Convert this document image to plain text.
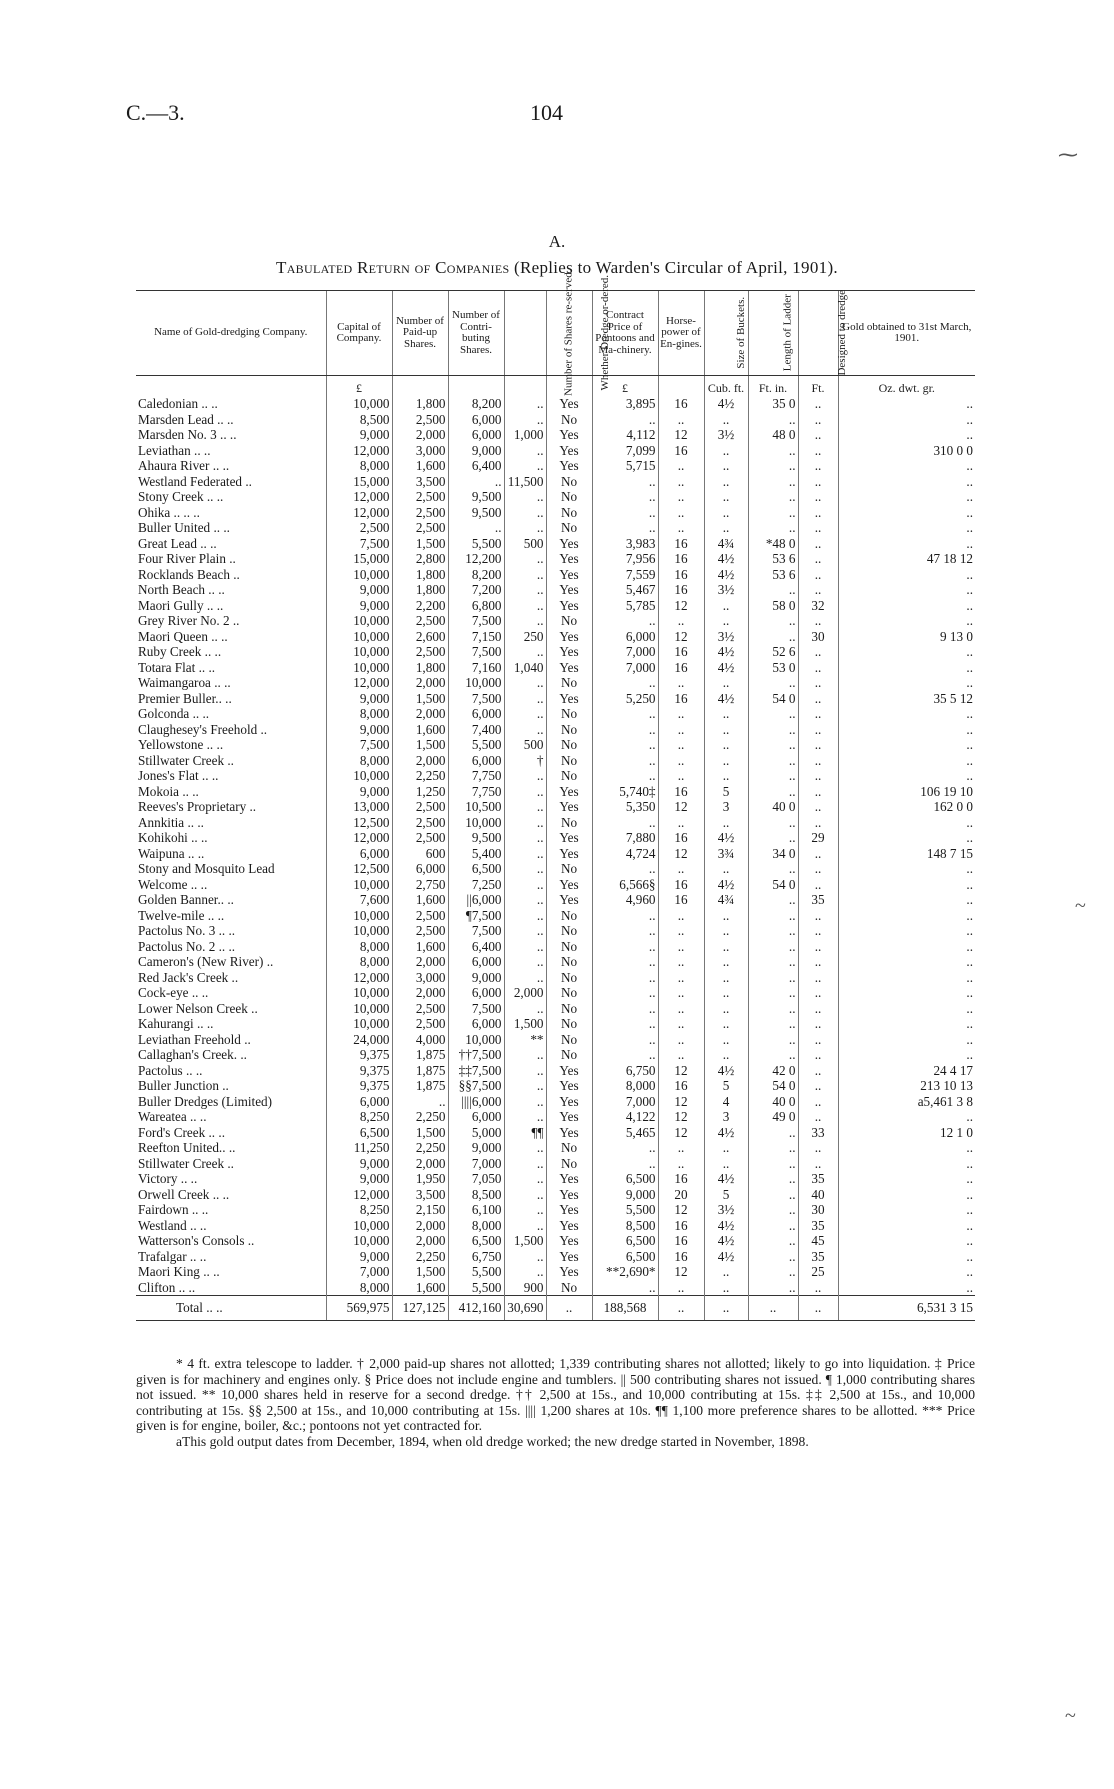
C.—3.	104
⁓
~
~
A.
Tabulated Return of Companies (Replies to Warden's Circular of April, 1901).
Name of Gold-dredging Company.	Capital of Company.	Number of Paid-up Shares.	Number of Contri-buting Shares.	Number of Shares re-served.	Whether Dredge or-dered.	Contract Price of Pontoons and Ma-chinery.	Horse-power of En-gines.	Size of Buckets.	Length of Ladder	Designed to dredge	Gold obtained to 31st March, 1901.
	£					£		Cub. ft.	Ft. in.	Ft.	Oz. dwt. gr.
Caledonian .. ..	10,000	1,800	8,200	..	Yes	3,895	16	4½	35 0	..	..
Marsden Lead .. ..	8,500	2,500	6,000	..	No	..	..	..	..	..	..
Marsden No. 3 .. ..	9,000	2,000	6,000	1,000	Yes	4,112	12	3½	48 0	..	..
Leviathan .. ..	12,000	3,000	9,000	..	Yes	7,099	16	..	..	..	310 0 0
Ahaura River .. ..	8,000	1,600	6,400	..	Yes	5,715	..	..	..	..	..
Westland Federated ..	15,000	3,500	..	11,500	No	..	..	..	..	..	..
Stony Creek .. ..	12,000	2,500	9,500	..	No	..	..	..	..	..	..
Ohika .. .. ..	12,000	2,500	9,500	..	No	..	..	..	..	..	..
Buller United .. ..	2,500	2,500	..	..	No	..	..	..	..	..	..
Great Lead .. ..	7,500	1,500	5,500	500	Yes	3,983	16	4¾	*48 0	..	..
Four River Plain ..	15,000	2,800	12,200	..	Yes	7,956	16	4½	53 6	..	47 18 12
Rocklands Beach ..	10,000	1,800	8,200	..	Yes	7,559	16	4½	53 6	..	..
North Beach .. ..	9,000	1,800	7,200	..	Yes	5,467	16	3½	..	..	..
Maori Gully .. ..	9,000	2,200	6,800	..	Yes	5,785	12	..	58 0	32	..
Grey River No. 2 ..	10,000	2,500	7,500	..	No	..	..	..	..	..	..
Maori Queen .. ..	10,000	2,600	7,150	250	Yes	6,000	12	3½	..	30	9 13 0
Ruby Creek .. ..	10,000	2,500	7,500	..	Yes	7,000	16	4½	52 6	..	..
Totara Flat .. ..	10,000	1,800	7,160	1,040	Yes	7,000	16	4½	53 0	..	..
Waimangaroa .. ..	12,000	2,000	10,000	..	No	..	..	..	..	..	..
Premier Buller.. ..	9,000	1,500	7,500	..	Yes	5,250	16	4½	54 0	..	35 5 12
Golconda .. ..	8,000	2,000	6,000	..	No	..	..	..	..	..	..
Claughesey's Freehold ..	9,000	1,600	7,400	..	No	..	..	..	..	..	..
Yellowstone .. ..	7,500	1,500	5,500	500	No	..	..	..	..	..	..
Stillwater Creek ..	8,000	2,000	6,000	†	No	..	..	..	..	..	..
Jones's Flat .. ..	10,000	2,250	7,750	..	No	..	..	..	..	..	..
Mokoia .. ..	9,000	1,250	7,750	..	Yes	5,740‡	16	5	..	..	106 19 10
Reeves's Proprietary ..	13,000	2,500	10,500	..	Yes	5,350	12	3	40 0	..	162 0 0
Annkitia .. ..	12,500	2,500	10,000	..	No	..	..	..	..	..	..
Kohikohi .. ..	12,000	2,500	9,500	..	Yes	7,880	16	4½	..	29	..
Waipuna .. ..	6,000	600	5,400	..	Yes	4,724	12	3¾	34 0	..	148 7 15
Stony and Mosquito Lead	12,500	6,000	6,500	..	No	..	..	..	..	..	..
Welcome .. ..	10,000	2,750	7,250	..	Yes	6,566§	16	4½	54 0	..	..
Golden Banner.. ..	7,600	1,600	||6,000	..	Yes	4,960	16	4¾	..	35	..
Twelve-mile .. ..	10,000	2,500	¶7,500	..	No	..	..	..	..	..	..
Pactolus No. 3 .. ..	10,000	2,500	7,500	..	No	..	..	..	..	..	..
Pactolus No. 2 .. ..	8,000	1,600	6,400	..	No	..	..	..	..	..	..
Cameron's (New River) ..	8,000	2,000	6,000	..	No	..	..	..	..	..	..
Red Jack's Creek ..	12,000	3,000	9,000	..	No	..	..	..	..	..	..
Cock-eye .. ..	10,000	2,000	6,000	2,000	No	..	..	..	..	..	..
Lower Nelson Creek ..	10,000	2,500	7,500	..	No	..	..	..	..	..	..
Kahurangi .. ..	10,000	2,500	6,000	1,500	No	..	..	..	..	..	..
Leviathan Freehold ..	24,000	4,000	10,000	**	No	..	..	..	..	..	..
Callaghan's Creek. ..	9,375	1,875	††7,500	..	No	..	..	..	..	..	..
Pactolus .. ..	9,375	1,875	‡‡7,500	..	Yes	6,750	12	4½	42 0	..	24 4 17
Buller Junction ..	9,375	1,875	§§7,500	..	Yes	8,000	16	5	54 0	..	213 10 13
Buller Dredges (Limited)	6,000	..	||||6,000	..	Yes	7,000	12	4	40 0	..	a5,461 3 8
Wareatea .. ..	8,250	2,250	6,000	..	Yes	4,122	12	3	49 0	..	..
Ford's Creek .. ..	6,500	1,500	5,000	¶¶	Yes	5,465	12	4½	..	33	12 1 0
Reefton United.. ..	11,250	2,250	9,000	..	No	..	..	..	..	..	..
Stillwater Creek ..	9,000	2,000	7,000	..	No	..	..	..	..	..	..
Victory .. ..	9,000	1,950	7,050	..	Yes	6,500	16	4½	..	35	..
Orwell Creek .. ..	12,000	3,500	8,500	..	Yes	9,000	20	5	..	40	..
Fairdown .. ..	8,250	2,150	6,100	..	Yes	5,500	12	3½	..	30	..
Westland .. ..	10,000	2,000	8,000	..	Yes	8,500	16	4½	..	35	..
Watterson's Consols ..	10,000	2,000	6,500	1,500	Yes	6,500	16	4½	..	45	..
Trafalgar .. ..	9,000	2,250	6,750	..	Yes	6,500	16	4½	..	35	..
Maori King .. ..	7,000	1,500	5,500	..	Yes	**2,690*	12	..	..	25	..
Clifton .. ..	8,000	1,600	5,500	900	No	..	..	..	..	..	..
Total .. ..	569,975	127,125	412,160	30,690	..	188,568	..	..	..	..	6,531 3 15

* 4 ft. extra telescope to ladder. † 2,000 paid-up shares not allotted; 1,339 contributing shares not allotted; likely to go into liquidation. ‡ Price given is for machinery and engines only. § Price does not include engine and tumblers. || 500 contributing shares not issued. ¶ 1,000 contributing shares not issued. ** 10,000 shares held in reserve for a second dredge. †† 2,500 at 15s., and 10,000 contributing at 15s. ‡‡ 2,500 at 15s., and 10,000 contributing at 15s. §§ 2,500 at 15s., and 10,000 contributing at 15s. |||| 1,200 shares at 10s. ¶¶ 1,100 more preference shares to be allotted. *** Price given is for engine, boiler, &c.; pontoons not yet contracted for.

aThis gold output dates from December, 1894, when old dredge worked; the new dredge started in November, 1898.
